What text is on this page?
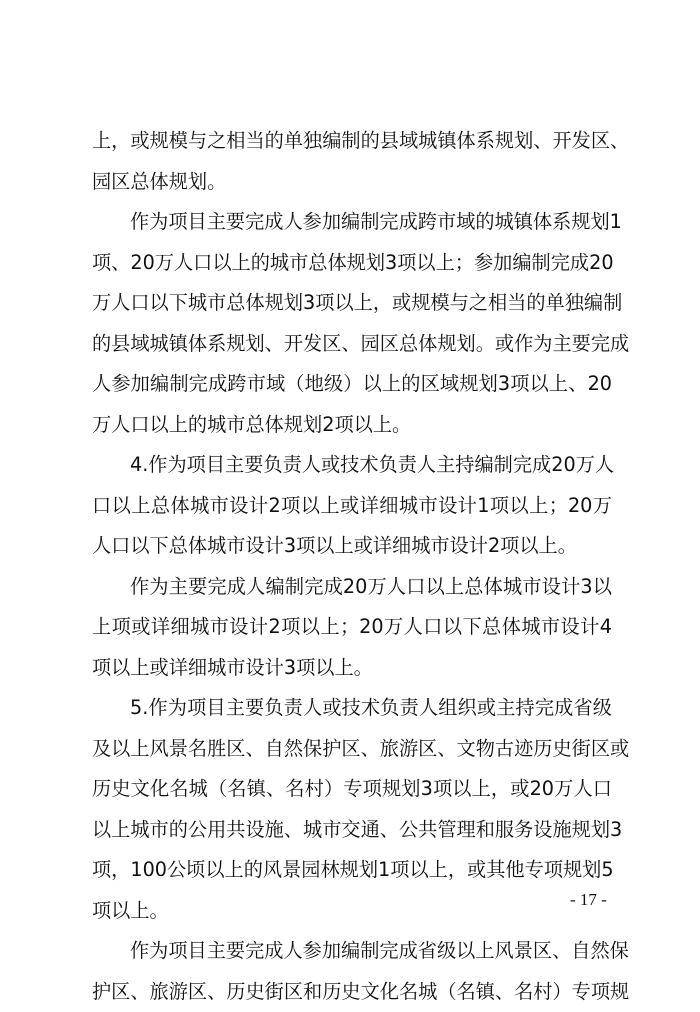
上，或规模与之相当的单独编制的县域城镇体系规划、开发区、
园区总体规划。
作为项目主要完成人参加编制完成跨市域的城镇体系规划1
项、20万人口以上的城市总体规划3项以上；参加编制完成20
万人口以下城市总体规划3项以上，或规模与之相当的单独编制
的县域城镇体系规划、开发区、园区总体规划。或作为主要完成
人参加编制完成跨市域（地级）以上的区域规划3项以上、20
万人口以上的城市总体规划2项以上。
4.作为项目主要负责人或技术负责人主持编制完成20万人
口以上总体城市设计2项以上或详细城市设计1项以上；20万
人口以下总体城市设计3项以上或详细城市设计2项以上。
作为主要完成人编制完成20万人口以上总体城市设计3以
上项或详细城市设计2项以上；20万人口以下总体城市设计4
项以上或详细城市设计3项以上。
5.作为项目主要负责人或技术负责人组织或主持完成省级
及以上风景名胜区、自然保护区、旅游区、文物古迹历史街区或
历史文化名城（名镇、名村）专项规划3项以上，或20万人口
以上城市的公用共设施、城市交通、公共管理和服务设施规划3
项，100公顷以上的风景园林规划1项以上，或其他专项规划5
项以上。
作为项目主要完成人参加编制完成省级以上风景区、自然保
护区、旅游区、历史街区和历史文化名城（名镇、名村）专项规
- 17 -
